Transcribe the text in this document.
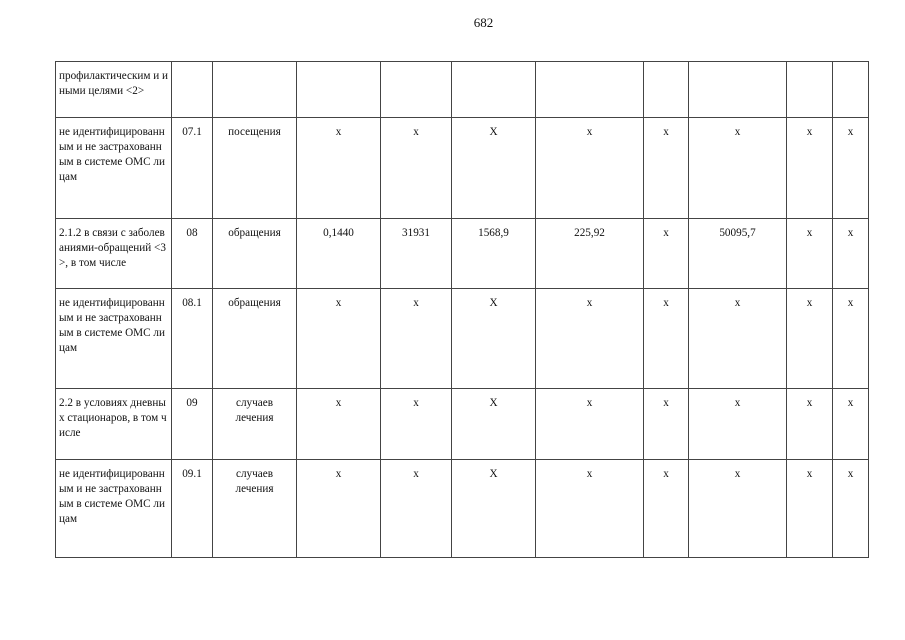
682
профилактическим и иными целями <2>										
не идентифицированным и не застрахованным в системе ОМС лицам	07.1	посещения	х	х	Х	х	х	х	х	х
2.1.2 в связи с заболеваниями-обращений <3>, в том числе	08	обращения	0,1440	31931	1568,9	225,92	х	50095,7	х	х
не идентифицированным и не застрахованным в системе ОМС лицам	08.1	обращения	х	х	Х	х	х	х	х	х
2.2 в условиях дневных стационаров, в том числе	09	случаев лечения	х	х	Х	х	х	х	х	х
не идентифицированным и не застрахованным в системе ОМС лицам	09.1	случаев лечения	х	х	Х	х	х	х	х	х
